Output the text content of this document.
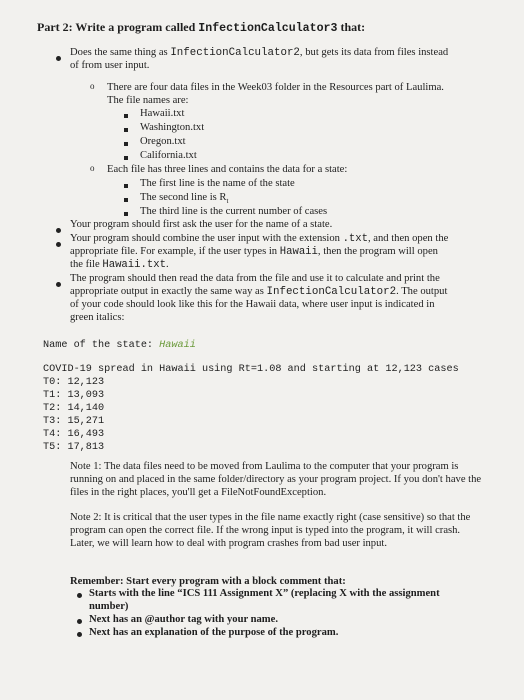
Part 2: Write a program called InfectionCalculator3 that:
Does the same thing as InfectionCalculator2, but gets its data from files instead
of from user input.
o There are four data files in the Week03 folder in the Resources part of Laulima.
The file names are:
Hawaii.txt
Washington.txt
Oregon.txt
California.txt
o Each file has three lines and contains the data for a state:
The first line is the name of the state
The second line is $R_t$
The third line is the current number of cases
Your program should first ask the user for the name of a state.
Your program should combine the user input with the extension .txt, and then open the
appropriate file. For example, if the user types in Hawaii, then the program will open
the file Hawaii.txt.
The program should then read the data from the file and use it to calculate and print the
appropriate output in exactly the same way as InfectionCalculator2. The output
of your code should look like this for the Hawaii data, where user input is indicated in
green italics:
Name of the state: Hawaii
COVID-19 spread in Hawaii using Rt=1.08 and starting at 12,123 cases
T0: 12,123
T1: 13,093
T2: 14,140
T3: 15,271
T4: 16,493
T5: 17,813
Note 1: The data files need to be moved from Laulima to the computer that your program is
running on and placed in the same folder/directory as your program project. If you don't have the
files in the right places, you'll get a FileNotFoundException.
Note 2: It is critical that the user types in the file name exactly right (case sensitive) so that the
program can open the correct file. If the wrong input is typed into the program, it will crash.
Later, we will learn how to deal with program crashes from bad user input.
Remember: Start every program with a block comment that:
Starts with the line “ICS 111 Assignment X” (replacing X with the assignment
number)
Next has an @author tag with your name.
Next has an explanation of the purpose of the program.
